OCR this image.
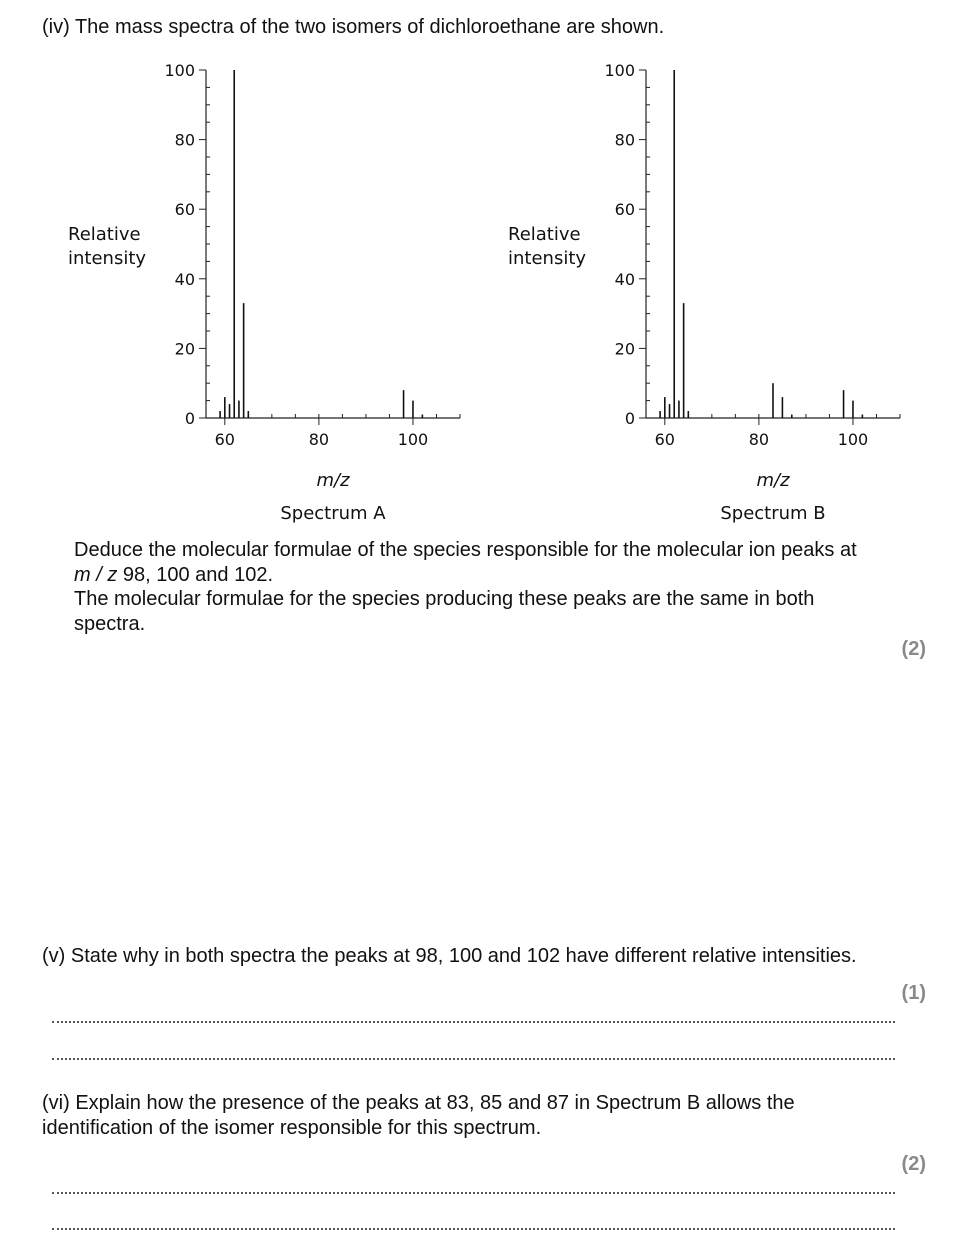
(iv) The mass spectra of the two isomers of dichloroethane are shown.
0
20
40
60
80
100
60	80	100
Relative intensity
m/z
Spectrum A
0
20
40
60
80
100
60	80	100
Relative intensity
m/z
Spectrum B
Deduce the molecular formulae of the species responsible for the molecular ion peaks at
m / z 98, 100 and 102.
The molecular formulae for the species producing these peaks are the same in both
spectra.
(2)
(v) State why in both spectra the peaks at 98, 100 and 102 have different relative intensities.
(1)
(vi) Explain how the presence of the peaks at 83, 85 and 87 in Spectrum B allows the
identification of the isomer responsible for this spectrum.
(2)
